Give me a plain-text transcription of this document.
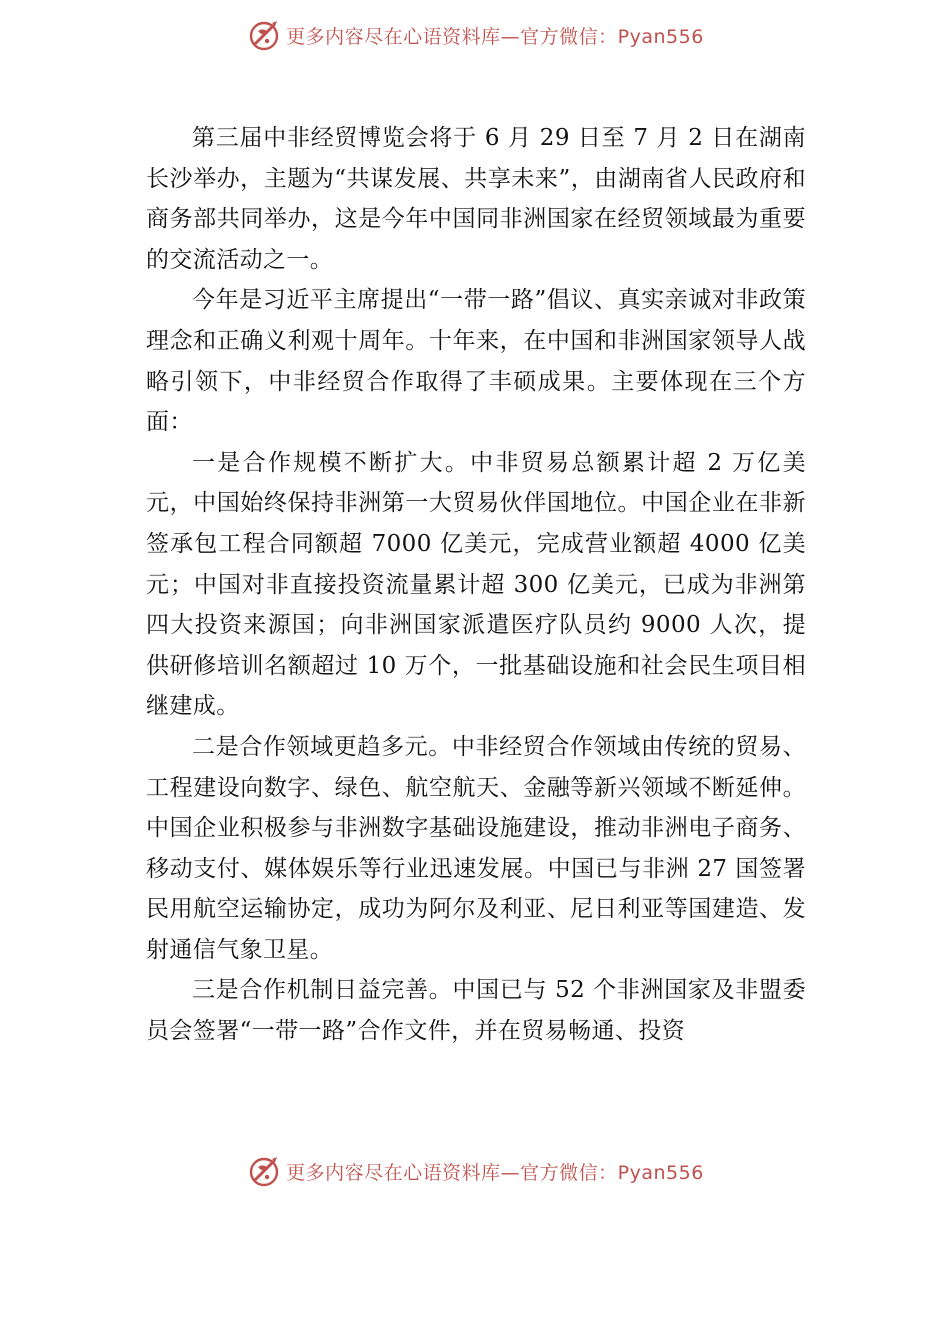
更多内容尽在心语资料库—官方微信：Pyan556

第三届中非经贸博览会将于 6 月 29 日至 7 月 2 日在湖南长沙举办，主题为“共谋发展、共享未来”，由湖南省人民政府和商务部共同举办，这是今年中国同非洲国家在经贸领域最为重要的交流活动之一。

今年是习近平主席提出“一带一路”倡议、真实亲诚对非政策理念和正确义利观十周年。十年来，在中国和非洲国家领导人战略引领下，中非经贸合作取得了丰硕成果。主要体现在三个方面：

一是合作规模不断扩大。中非贸易总额累计超 2 万亿美元，中国始终保持非洲第一大贸易伙伴国地位。中国企业在非新签承包工程合同额超 7000 亿美元，完成营业额超 4000 亿美元；中国对非直接投资流量累计超 300 亿美元，已成为非洲第四大投资来源国；向非洲国家派遣医疗队员约 9000 人次，提供研修培训名额超过 10 万个，一批基础设施和社会民生项目相继建成。

二是合作领域更趋多元。中非经贸合作领域由传统的贸易、工程建设向数字、绿色、航空航天、金融等新兴领域不断延伸。中国企业积极参与非洲数字基础设施建设，推动非洲电子商务、移动支付、媒体娱乐等行业迅速发展。中国已与非洲 27 国签署民用航空运输协定，成功为阿尔及利亚、尼日利亚等国建造、发射通信气象卫星。

三是合作机制日益完善。中国已与 52 个非洲国家及非盟委员会签署“一带一路”合作文件，并在贸易畅通、投资

更多内容尽在心语资料库—官方微信：Pyan556
